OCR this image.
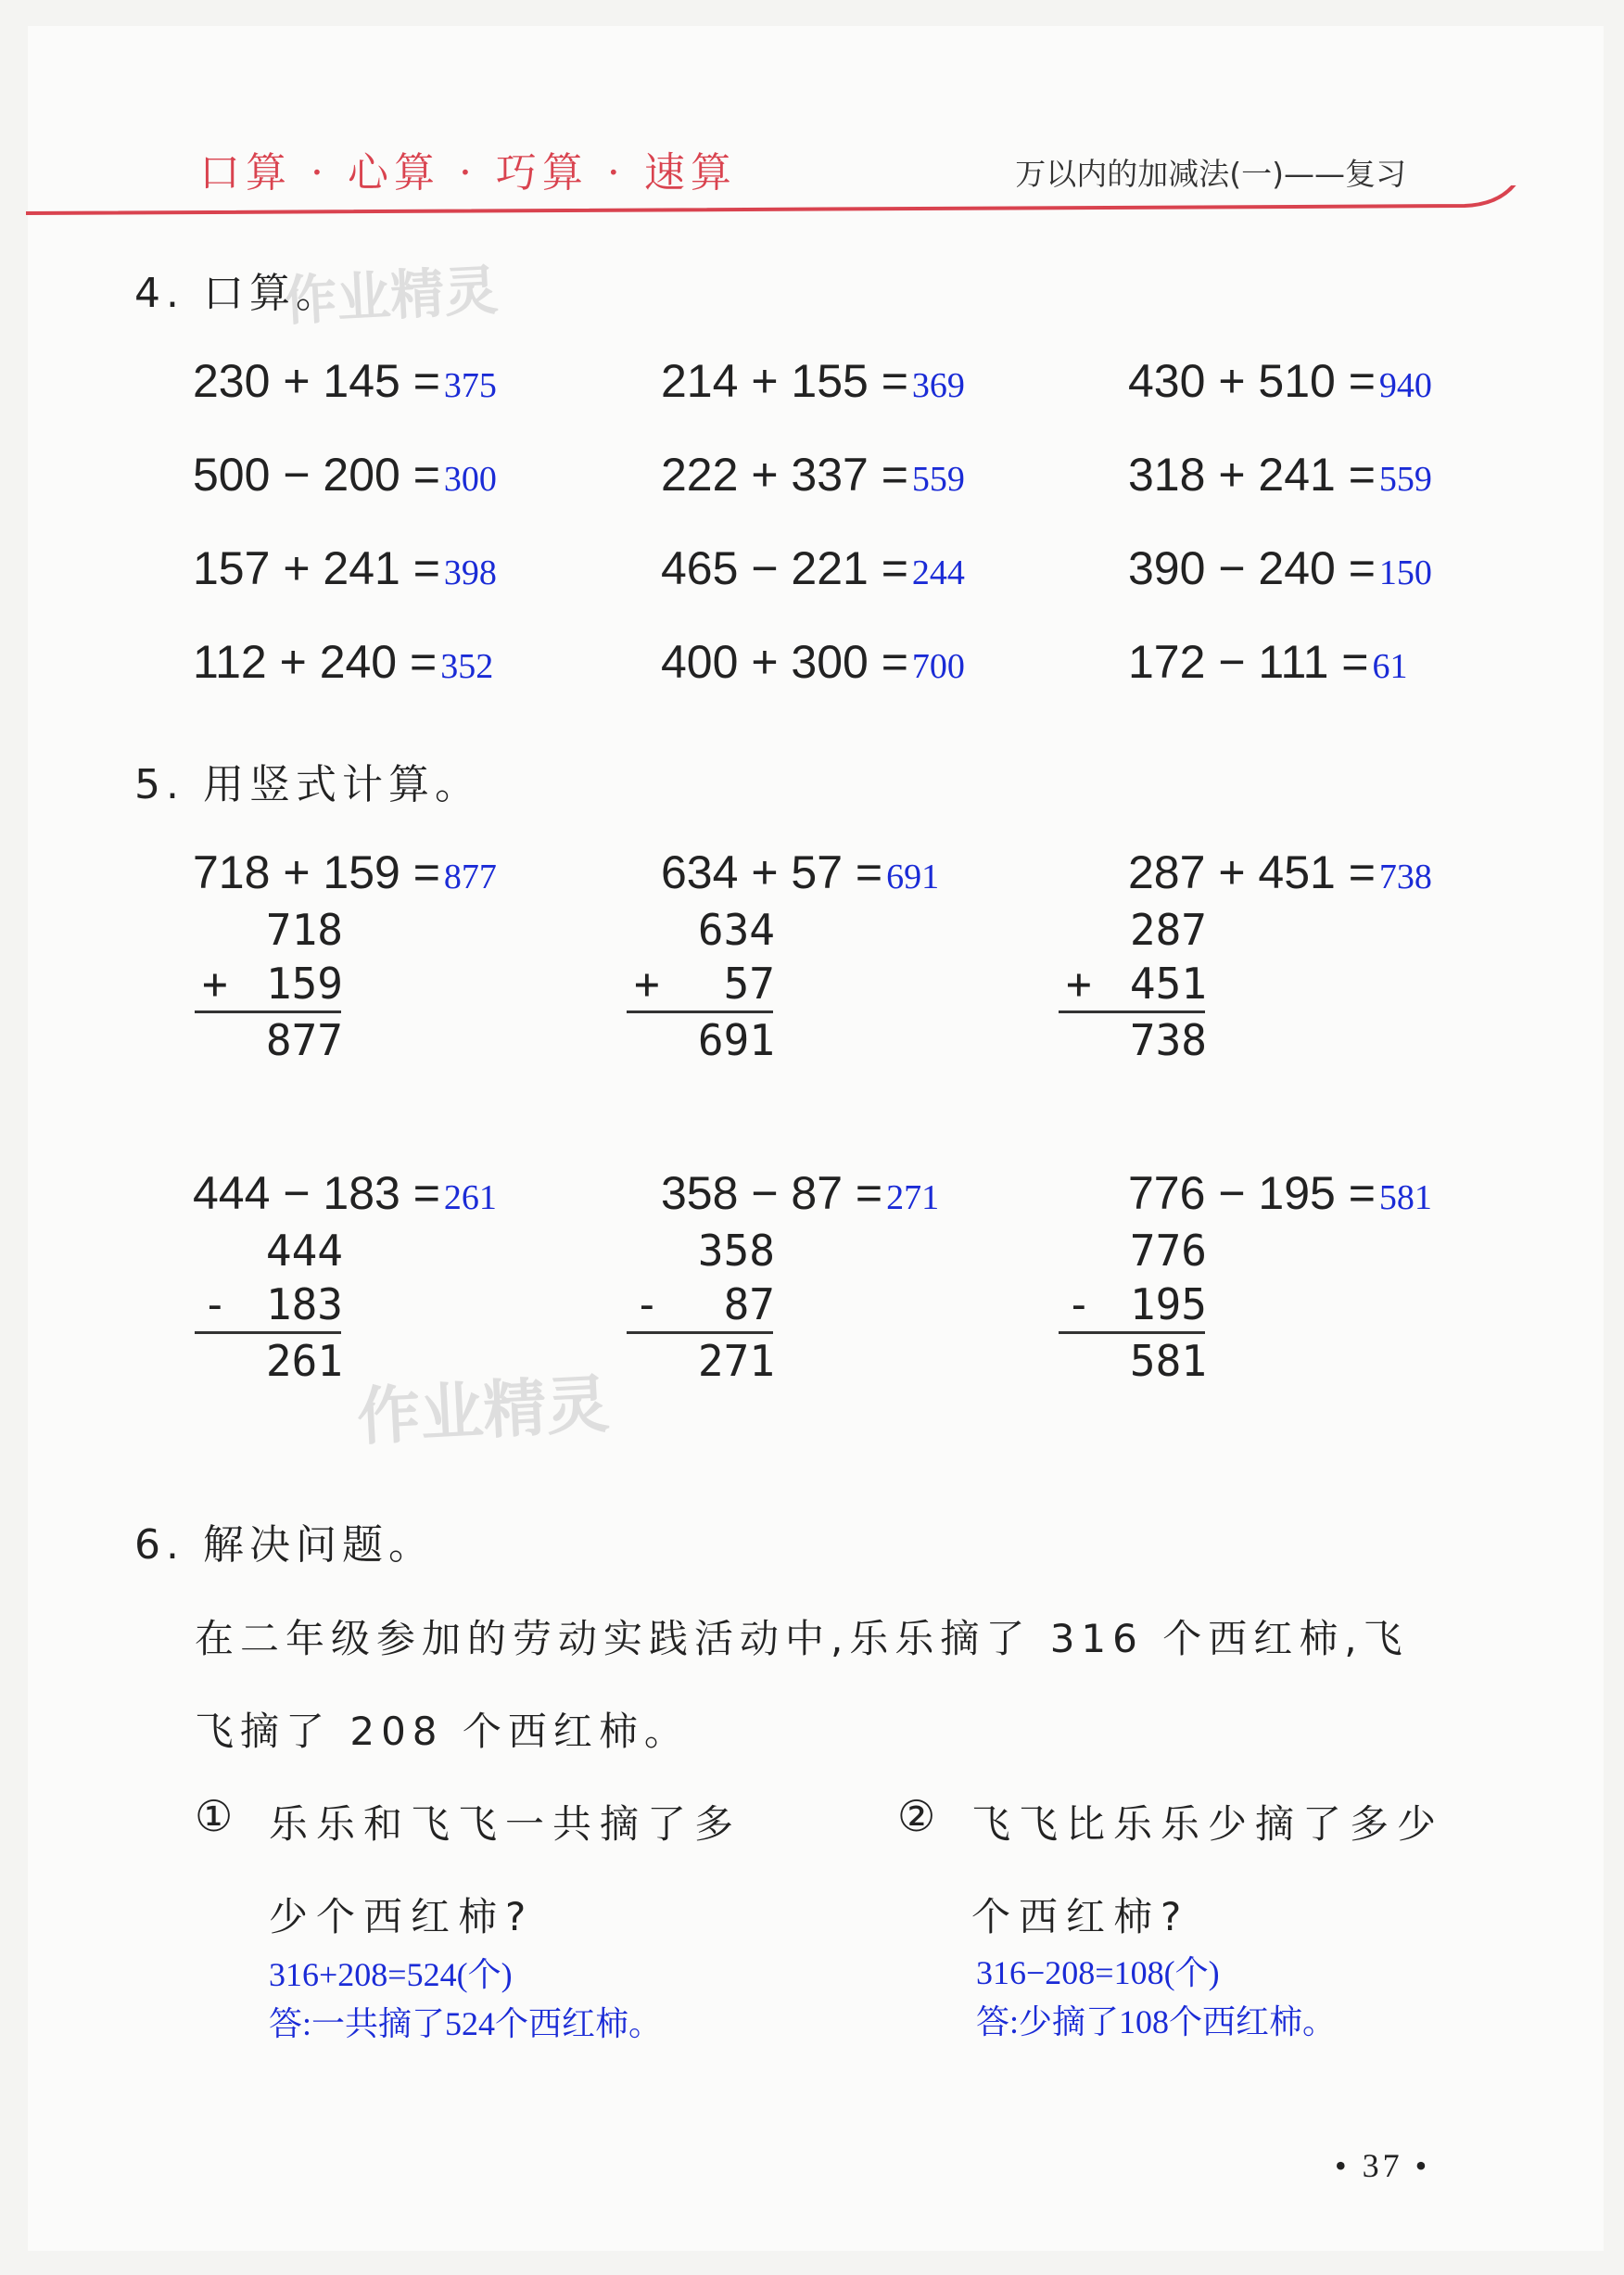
口算 · 心算 · 巧算 · 速算	万以内的加减法(一)——复习
作业精灵
作业精灵
4. 口算。
230 + 145 = 375	214 + 155 = 369	430 + 510 = 940
500 − 200 = 300	222 + 337 = 559	318 + 241 = 559
157 + 241 = 398	465 − 221 = 244	390 − 240 = 150
112 + 240 = 352	400 + 300 = 700	172 − 111 = 61
5. 用竖式计算。
718 + 159 = 877
718
+ 159
877
634 + 57 = 691
634
+ 57
691
287 + 451 = 738
287
+ 451
738
444 − 183 = 261
444
- 183
261
358 − 87 = 271
358
- 87
271
776 − 195 = 581
776
- 195
581
6. 解决问题。
在二年级参加的劳动实践活动中,乐乐摘了 316 个西红柿,飞
飞摘了 208 个西红柿。
① 乐乐和飞飞一共摘了多
少个西红柿?
316+208=524(个)
答:一共摘了524个西红柿。
② 飞飞比乐乐少摘了多少
个西红柿?
316−208=108(个)
答:少摘了108个西红柿。
• 37 •
